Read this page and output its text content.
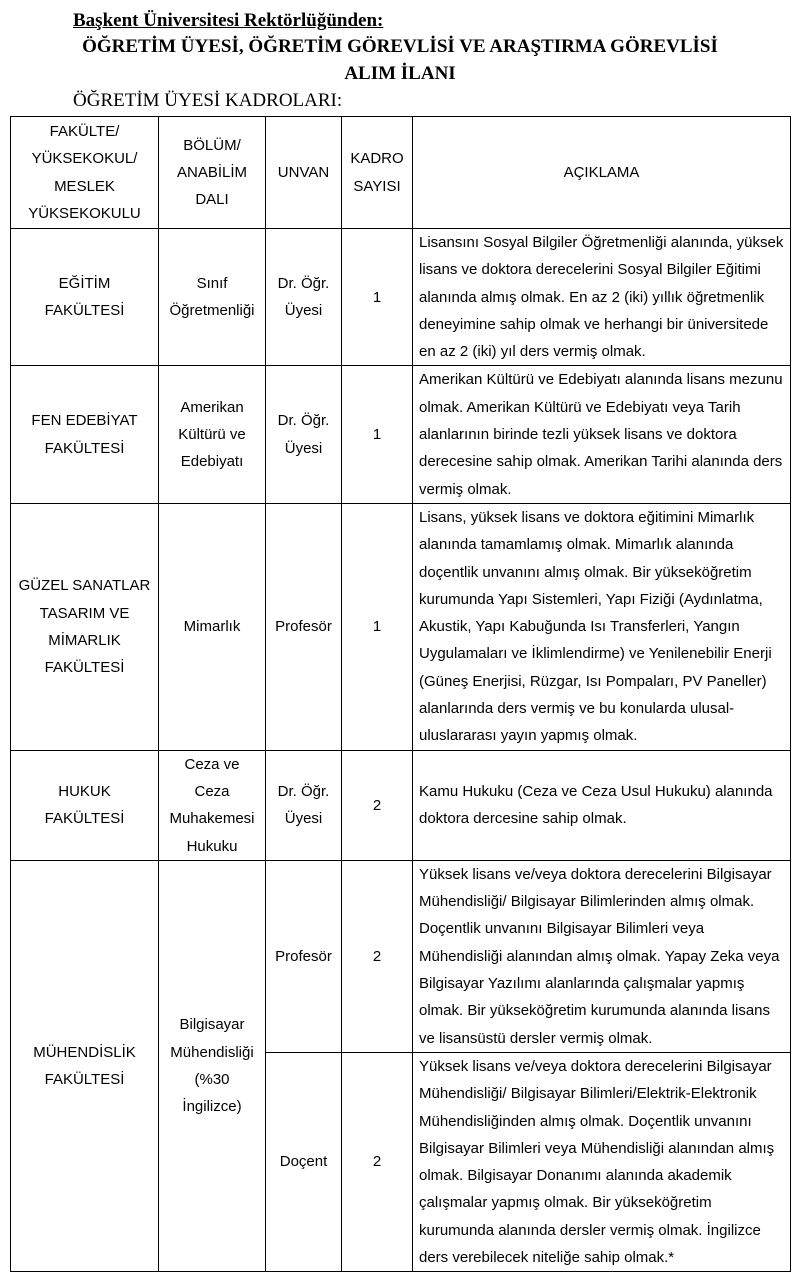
Başkent Üniversitesi Rektörlüğünden:
ÖĞRETİM ÜYESİ, ÖĞRETİM GÖREVLİSİ VE ARAŞTIRMA GÖREVLİSİ
ALIM İLANI
ÖĞRETİM ÜYESİ KADROLARI:
FAKÜLTE/ YÜKSEKOKUL/ MESLEK YÜKSEKOKULU	BÖLÜM/ ANABİLİM DALI	UNVAN	KADRO SAYISI	AÇIKLAMA
EĞİTİM FAKÜLTESİ	Sınıf Öğretmenliği	Dr. Öğr. Üyesi	1	Lisansını Sosyal Bilgiler Öğretmenliği alanında, yüksek lisans ve doktora derecelerini Sosyal Bilgiler Eğitimi alanında almış olmak. En az 2 (iki) yıllık öğretmenlik deneyimine sahip olmak ve herhangi bir üniversitede en az 2 (iki) yıl ders vermiş olmak.
FEN EDEBİYAT FAKÜLTESİ	Amerikan Kültürü ve Edebiyatı	Dr. Öğr. Üyesi	1	Amerikan Kültürü ve Edebiyatı alanında lisans mezunu olmak. Amerikan Kültürü ve Edebiyatı veya Tarih alanlarının birinde tezli yüksek lisans ve doktora derecesine sahip olmak. Amerikan Tarihi alanında ders vermiş olmak.
GÜZEL SANATLAR TASARIM VE MİMARLIK FAKÜLTESİ	Mimarlık	Profesör	1	Lisans, yüksek lisans ve doktora eğitimini Mimarlık alanında tamamlamış olmak. Mimarlık alanında doçentlik unvanını almış olmak. Bir yükseköğretim kurumunda Yapı Sistemleri, Yapı Fiziği (Aydınlatma, Akustik, Yapı Kabuğunda Isı Transferleri, Yangın Uygulamaları ve İklimlendirme) ve Yenilenebilir Enerji (Güneş Enerjisi, Rüzgar, Isı Pompaları, PV Paneller) alanlarında ders vermiş ve bu konularda ulusal-uluslararası yayın yapmış olmak.
HUKUK FAKÜLTESİ	Ceza ve Ceza Muhakemesi Hukuku	Dr. Öğr. Üyesi	2	Kamu Hukuku (Ceza ve Ceza Usul Hukuku) alanında doktora dercesine sahip olmak.
MÜHENDİSLİK FAKÜLTESİ	Bilgisayar Mühendisliği (%30 İngilizce)	Profesör	2	Yüksek lisans ve/veya doktora derecelerini Bilgisayar Mühendisliği/ Bilgisayar Bilimlerinden almış olmak. Doçentlik unvanını Bilgisayar Bilimleri veya Mühendisliği alanından almış olmak. Yapay Zeka veya Bilgisayar Yazılımı alanlarında çalışmalar yapmış olmak. Bir yükseköğretim kurumunda alanında lisans ve lisansüstü dersler vermiş olmak.
		Doçent	2	Yüksek lisans ve/veya doktora derecelerini Bilgisayar Mühendisliği/ Bilgisayar Bilimleri/Elektrik-Elektronik Mühendisliğinden almış olmak. Doçentlik unvanını Bilgisayar Bilimleri veya Mühendisliği alanından almış olmak. Bilgisayar Donanımı alanında akademik çalışmalar yapmış olmak. Bir yükseköğretim kurumunda alanında dersler vermiş olmak. İngilizce ders verebilecek niteliğe sahip olmak.*
